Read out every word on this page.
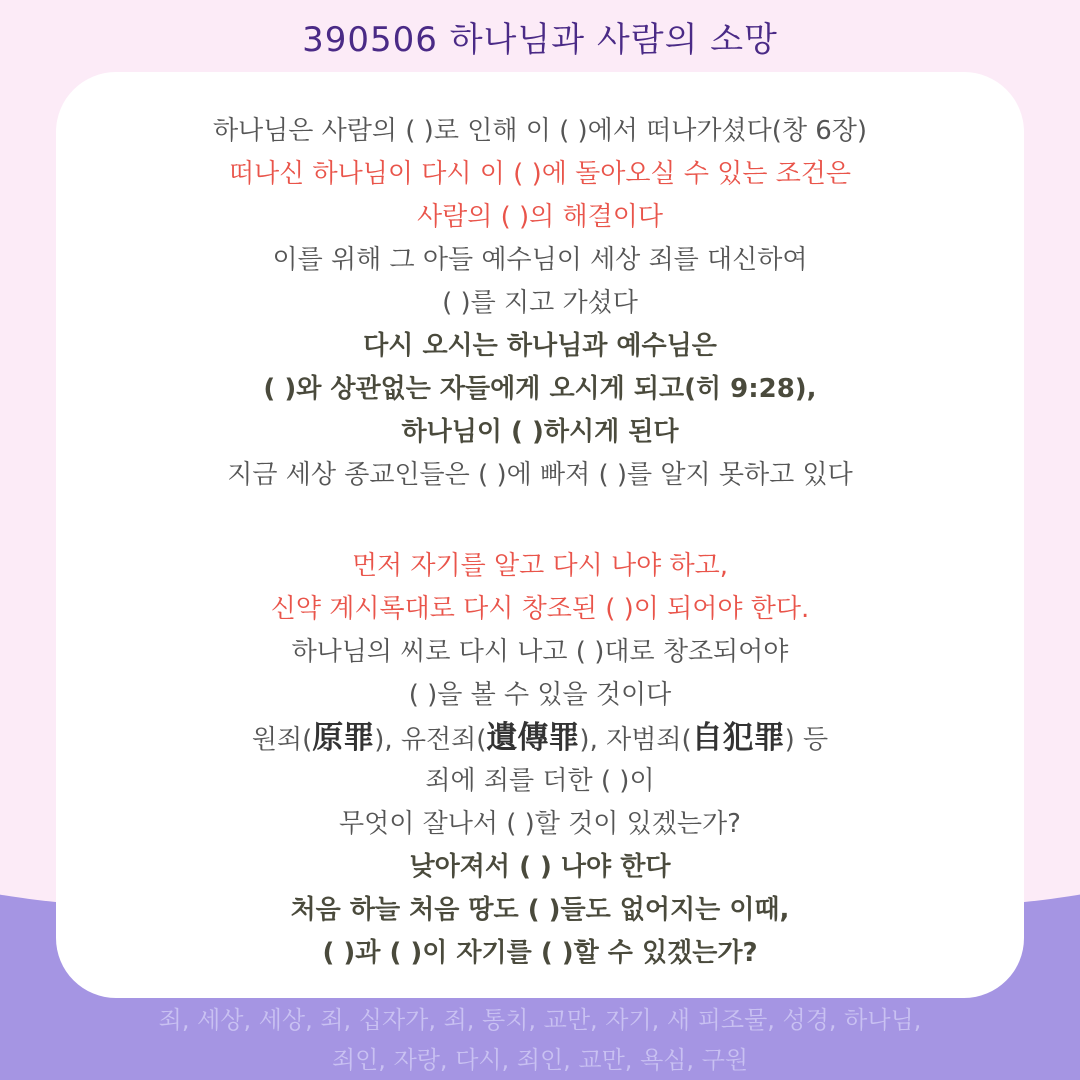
390506 하나님과 사람의 소망
하나님은 사람의 ( )로 인해 이 ( )에서 떠나가셨다(창 6장)
떠나신 하나님이 다시 이 ( )에 돌아오실 수 있는 조건은
사람의 ( )의 해결이다
이를 위해 그 아들 예수님이 세상 죄를 대신하여
( )를 지고 가셨다
다시 오시는 하나님과 예수님은
( )와 상관없는 자들에게 오시게 되고(히 9:28),
하나님이 ( )하시게 된다
지금 세상 종교인들은 ( )에 빠져 ( )를 알지 못하고 있다
먼저 자기를 알고 다시 나야 하고,
신약 계시록대로 다시 창조된 ( )이 되어야 한다.
하나님의 씨로 다시 나고 ( )대로 창조되어야
( )을 볼 수 있을 것이다
원죄(原罪), 유전죄(遺傳罪), 자범죄(自犯罪) 등
죄에 죄를 더한 ( )이
무엇이 잘나서 ( )할 것이 있겠는가?
낮아져서 ( ) 나야 한다
처음 하늘 처음 땅도 ( )들도 없어지는 이때,
( )과 ( )이 자기를 ( )할 수 있겠는가?
죄, 세상, 세상, 죄, 십자가, 죄, 통치, 교만, 자기, 새 피조물, 성경, 하나님,
죄인, 자랑, 다시, 죄인, 교만, 욕심, 구원
